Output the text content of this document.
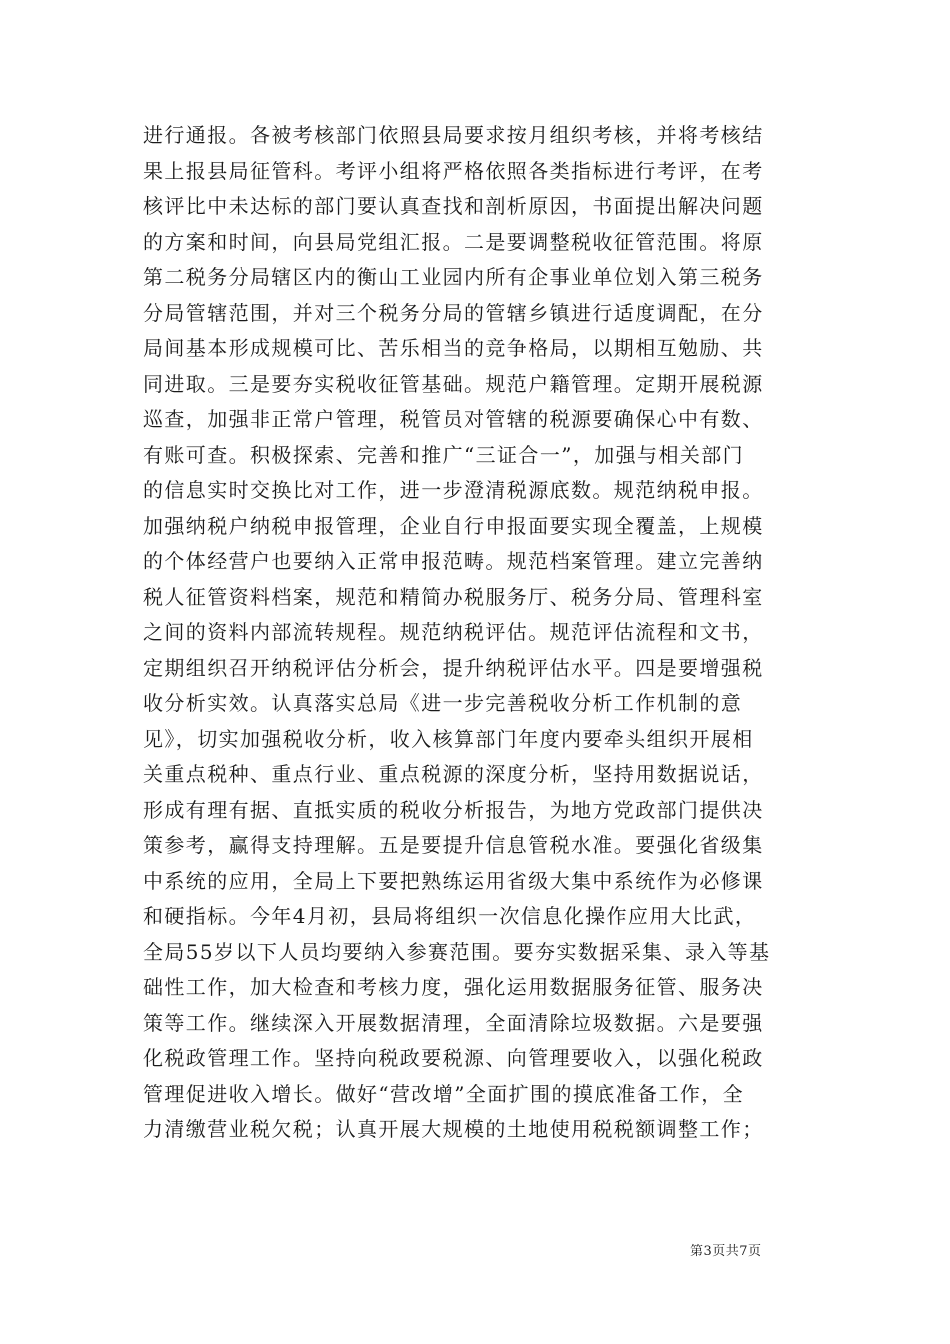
进行通报。各被考核部门依照县局要求按月组织考核，并将考核结
果上报县局征管科。考评小组将严格依照各类指标进行考评，在考
核评比中未达标的部门要认真查找和剖析原因，书面提出解决问题
的方案和时间，向县局党组汇报。二是要调整税收征管范围。将原
第二税务分局辖区内的衡山工业园内所有企事业单位划入第三税务
分局管辖范围，并对三个税务分局的管辖乡镇进行适度调配，在分
局间基本形成规模可比、苦乐相当的竞争格局，以期相互勉励、共
同进取。三是要夯实税收征管基础。规范户籍管理。定期开展税源
巡查，加强非正常户管理，税管员对管辖的税源要确保心中有数、
有账可查。积极探索、完善和推广“三证合一”，加强与相关部门
的信息实时交换比对工作，进一步澄清税源底数。规范纳税申报。
加强纳税户纳税申报管理，企业自行申报面要实现全覆盖，上规模
的个体经营户也要纳入正常申报范畴。规范档案管理。建立完善纳
税人征管资料档案，规范和精简办税服务厅、税务分局、管理科室
之间的资料内部流转规程。规范纳税评估。规范评估流程和文书，
定期组织召开纳税评估分析会，提升纳税评估水平。四是要增强税
收分析实效。认真落实总局《进一步完善税收分析工作机制的意
见》，切实加强税收分析，收入核算部门年度内要牵头组织开展相
关重点税种、重点行业、重点税源的深度分析，坚持用数据说话，
形成有理有据、直抵实质的税收分析报告，为地方党政部门提供决
策参考，赢得支持理解。五是要提升信息管税水准。要强化省级集
中系统的应用，全局上下要把熟练运用省级大集中系统作为必修课
和硬指标。今年4月初，县局将组织一次信息化操作应用大比武，
全局55岁以下人员均要纳入参赛范围。要夯实数据采集、录入等基
础性工作，加大检查和考核力度，强化运用数据服务征管、服务决
策等工作。继续深入开展数据清理，全面清除垃圾数据。六是要强
化税政管理工作。坚持向税政要税源、向管理要收入，以强化税政
管理促进收入增长。做好“营改增”全面扩围的摸底准备工作，全
力清缴营业税欠税；认真开展大规模的土地使用税税额调整工作；
第3页共7页
